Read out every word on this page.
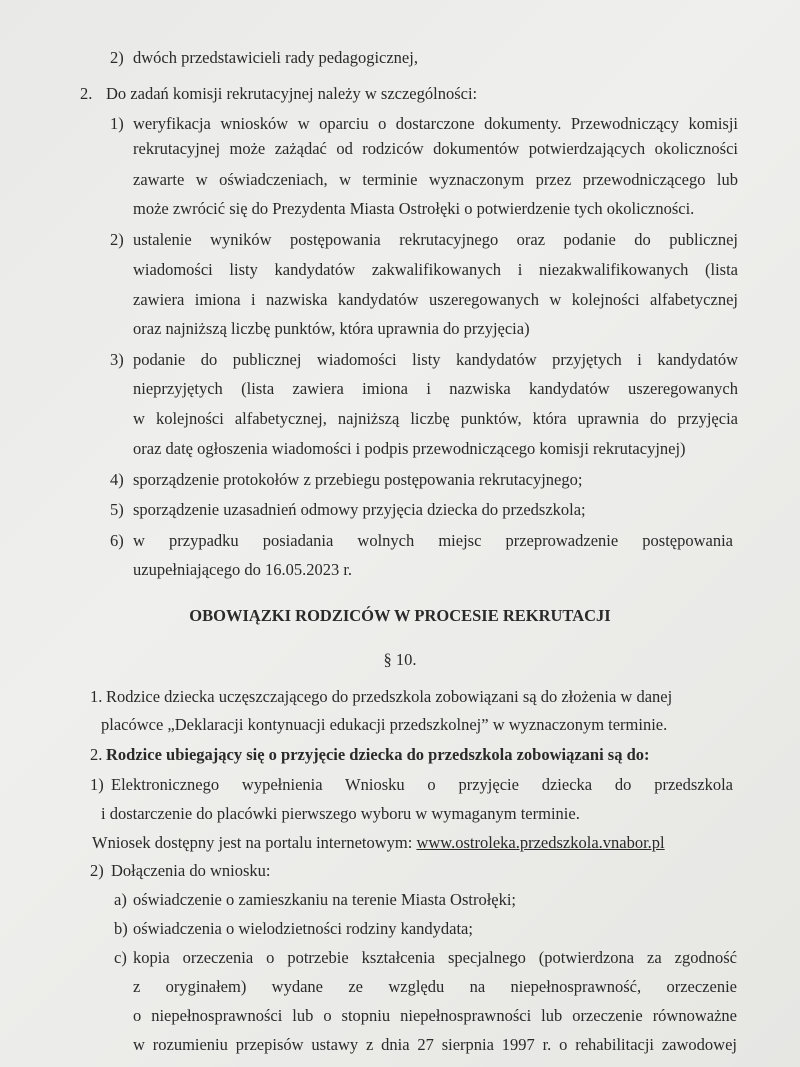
2) dwóch przedstawicieli rady pedagogicznej,
2. Do zadań komisji rekrutacyjnej należy w szczególności:
1) weryfikacja wniosków w oparciu o dostarczone dokumenty. Przewodniczący komisji
rekrutacyjnej może zażądać od rodziców dokumentów potwierdzających okoliczności
zawarte w oświadczeniach, w terminie wyznaczonym przez przewodniczącego lub
może zwrócić się do Prezydenta Miasta Ostrołęki o potwierdzenie tych okoliczności.
2) ustalenie wyników postępowania rekrutacyjnego oraz podanie do publicznej
wiadomości listy kandydatów zakwalifikowanych i niezakwalifikowanych (lista
zawiera imiona i nazwiska kandydatów uszeregowanych w kolejności alfabetycznej
oraz najniższą liczbę punktów, która uprawnia do przyjęcia)
3) podanie do publicznej wiadomości listy kandydatów przyjętych i kandydatów
nieprzyjętych (lista zawiera imiona i nazwiska kandydatów uszeregowanych
w kolejności alfabetycznej, najniższą liczbę punktów, która uprawnia do przyjęcia
oraz datę ogłoszenia wiadomości i podpis przewodniczącego komisji rekrutacyjnej)
4) sporządzenie protokołów z przebiegu postępowania rekrutacyjnego;
5) sporządzenie uzasadnień odmowy przyjęcia dziecka do przedszkola;
6) w przypadku posiadania wolnych miejsc przeprowadzenie postępowania
uzupełniającego do 16.05.2023 r.
OBOWIĄZKI RODZICÓW W PROCESIE REKRUTACJI
§ 10.
1. Rodzice dziecka uczęszczającego do przedszkola zobowiązani są do złożenia w danej
placówce „Deklaracji kontynuacji edukacji przedszkolnej” w wyznaczonym terminie.
2. Rodzice ubiegający się o przyjęcie dziecka do przedszkola zobowiązani są do:
1) Elektronicznego wypełnienia Wniosku o przyjęcie dziecka do przedszkola
i dostarczenie do placówki pierwszego wyboru w wymaganym terminie.
Wniosek dostępny jest na portalu internetowym: www.ostroleka.przedszkola.vnabor.pl
2) Dołączenia do wniosku:
a) oświadczenie o zamieszkaniu na terenie Miasta Ostrołęki;
b) oświadczenia o wielodzietności rodziny kandydata;
c) kopia orzeczenia o potrzebie kształcenia specjalnego (potwierdzona za zgodność
z oryginałem) wydane ze względu na niepełnosprawność, orzeczenie
o niepełnosprawności lub o stopniu niepełnosprawności lub orzeczenie równoważne
w rozumieniu przepisów ustawy z dnia 27 sierpnia 1997 r. o rehabilitacji zawodowej
